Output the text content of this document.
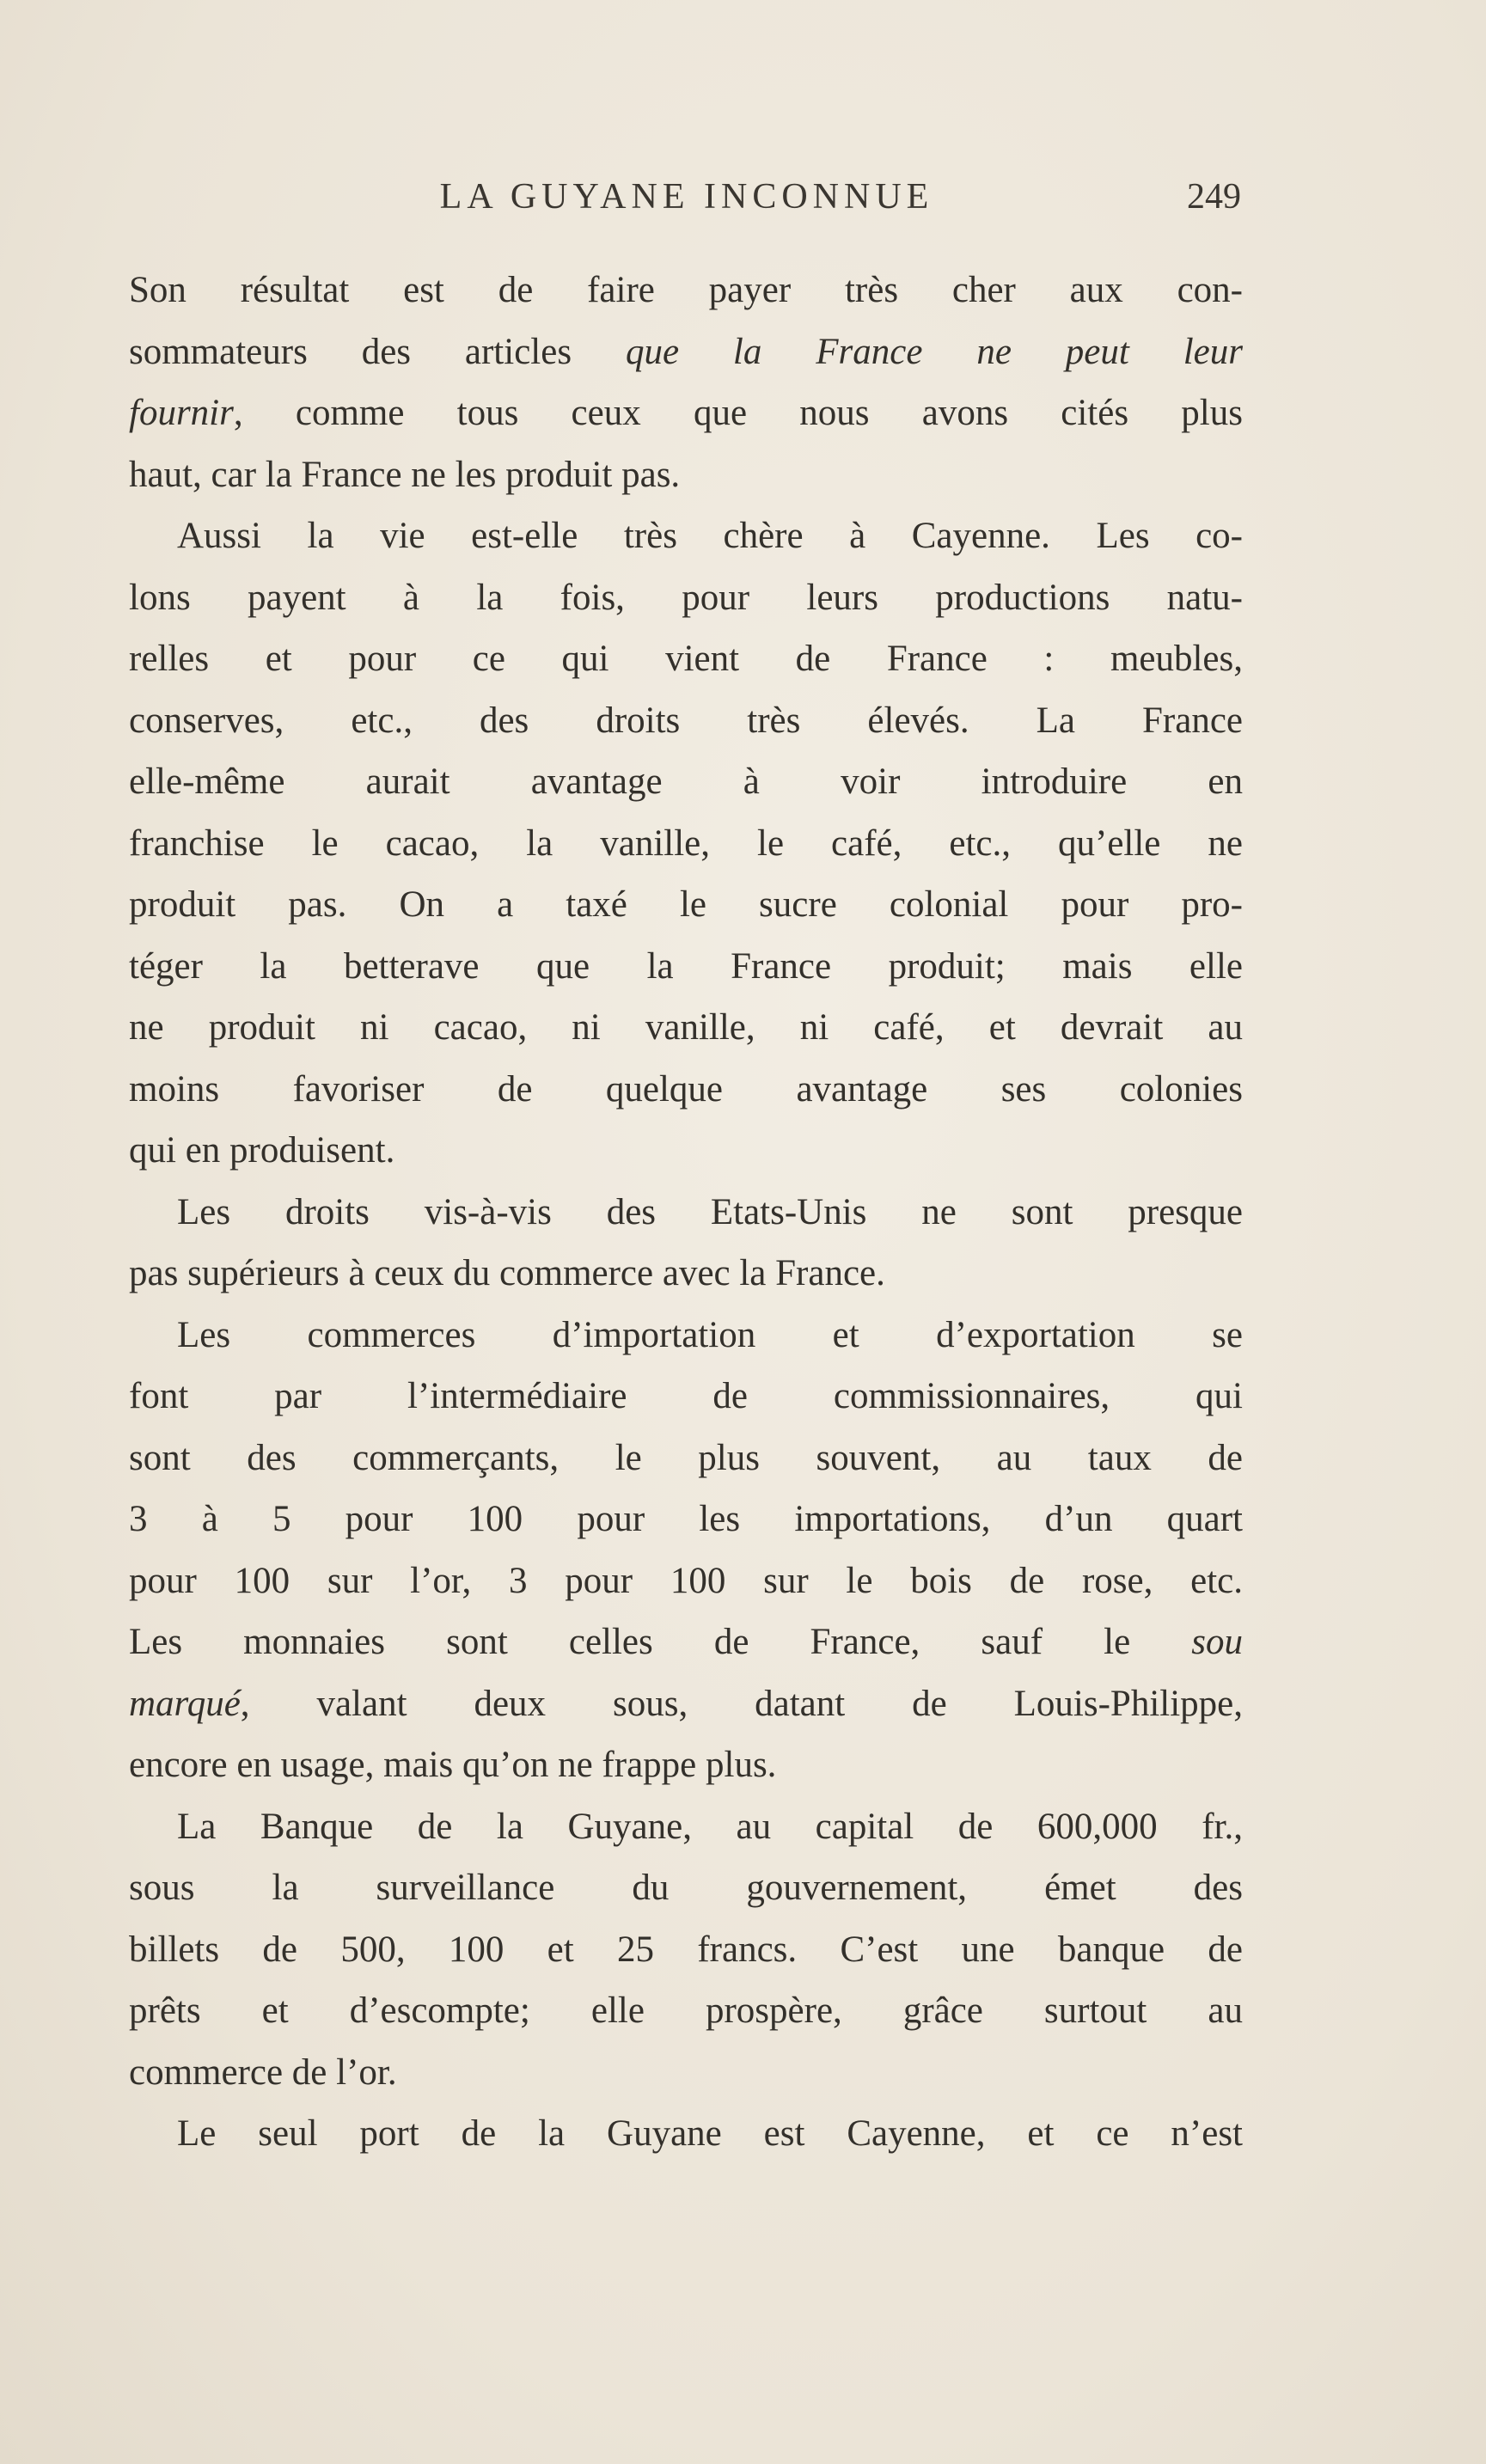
LA GUYANE INCONNUE	249
Son résultat est de faire payer très cher aux con-
sommateurs des articles que la France ne peut leur
fournir, comme tous ceux que nous avons cités plus
haut, car la France ne les produit pas.
Aussi la vie est-elle très chère à Cayenne. Les co-
lons payent à la fois, pour leurs productions natu-
relles et pour ce qui vient de France : meubles,
conserves, etc., des droits très élevés. La France
elle-même aurait avantage à voir introduire en
franchise le cacao, la vanille, le café, etc., qu’elle ne
produit pas. On a taxé le sucre colonial pour pro-
téger la betterave que la France produit; mais elle
ne produit ni cacao, ni vanille, ni café, et devrait au
moins favoriser de quelque avantage ses colonies
qui en produisent.
Les droits vis-à-vis des Etats-Unis ne sont presque
pas supérieurs à ceux du commerce avec la France.
Les commerces d’importation et d’exportation se
font par l’intermédiaire de commissionnaires, qui
sont des commerçants, le plus souvent, au taux de
3 à 5 pour 100 pour les importations, d’un quart
pour 100 sur l’or, 3 pour 100 sur le bois de rose, etc.
Les monnaies sont celles de France, sauf le sou
marqué, valant deux sous, datant de Louis-Philippe,
encore en usage, mais qu’on ne frappe plus.
La Banque de la Guyane, au capital de 600,000 fr.,
sous la surveillance du gouvernement, émet des
billets de 500, 100 et 25 francs. C’est une banque de
prêts et d’escompte; elle prospère, grâce surtout au
commerce de l’or.
Le seul port de la Guyane est Cayenne, et ce n’est
